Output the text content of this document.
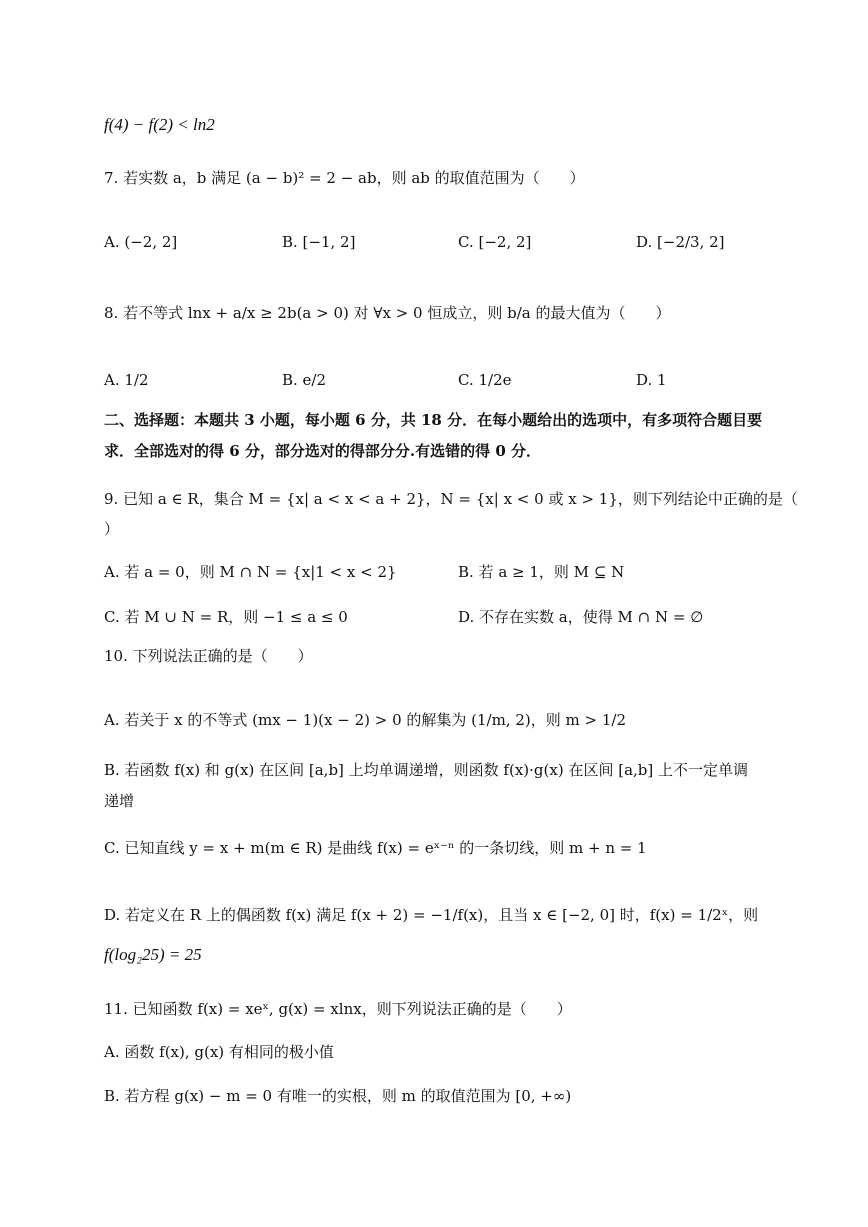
f(4) − f(2) < ln2
7. 若实数 a，b 满足 (a − b)² = 2 − ab，则 ab 的取值范围为（　　）
A. (−2, 2]	B. [−1, 2]	C. [−2, 2]	D. [−2/3, 2]
8. 若不等式 lnx + a/x ≥ 2b(a > 0) 对 ∀x > 0 恒成立，则 b/a 的最大值为（　　）
A. 1/2	B. e/2	C. 1/2e	D. 1
二、选择题：本题共 3 小题，每小题 6 分，共 18 分．在每小题给出的选项中，有多项符合题目要
求．全部选对的得 6 分，部分选对的得部分分.有选错的得 0 分．
9. 已知 a ∈ R，集合 M = {x| a < x < a + 2}，N = {x| x < 0 或 x > 1}，则下列结论中正确的是（
）
A. 若 a = 0，则 M ∩ N = {x|1 < x < 2}	B. 若 a ≥ 1，则 M ⊆ N
C. 若 M ∪ N = R，则 −1 ≤ a ≤ 0	D. 不存在实数 a，使得 M ∩ N = ∅
10. 下列说法正确的是（　　）
A. 若关于 x 的不等式 (mx − 1)(x − 2) > 0 的解集为 (1/m, 2)，则 m > 1/2
B. 若函数 f(x) 和 g(x) 在区间 [a,b] 上均单调递增，则函数 f(x)·g(x) 在区间 [a,b] 上不一定单调
递增
C. 已知直线 y = x + m(m ∈ R) 是曲线 f(x) = eˣ⁻ⁿ 的一条切线，则 m + n = 1
D. 若定义在 R 上的偶函数 f(x) 满足 f(x + 2) = −1/f(x)，且当 x ∈ [−2, 0] 时，f(x) = 1/2ˣ，则
f(log₂25) = 25
11. 已知函数 f(x) = xeˣ, g(x) = xlnx，则下列说法正确的是（　　）
A. 函数 f(x), g(x) 有相同的极小值
B. 若方程 g(x) − m = 0 有唯一的实根，则 m 的取值范围为 [0, +∞)
